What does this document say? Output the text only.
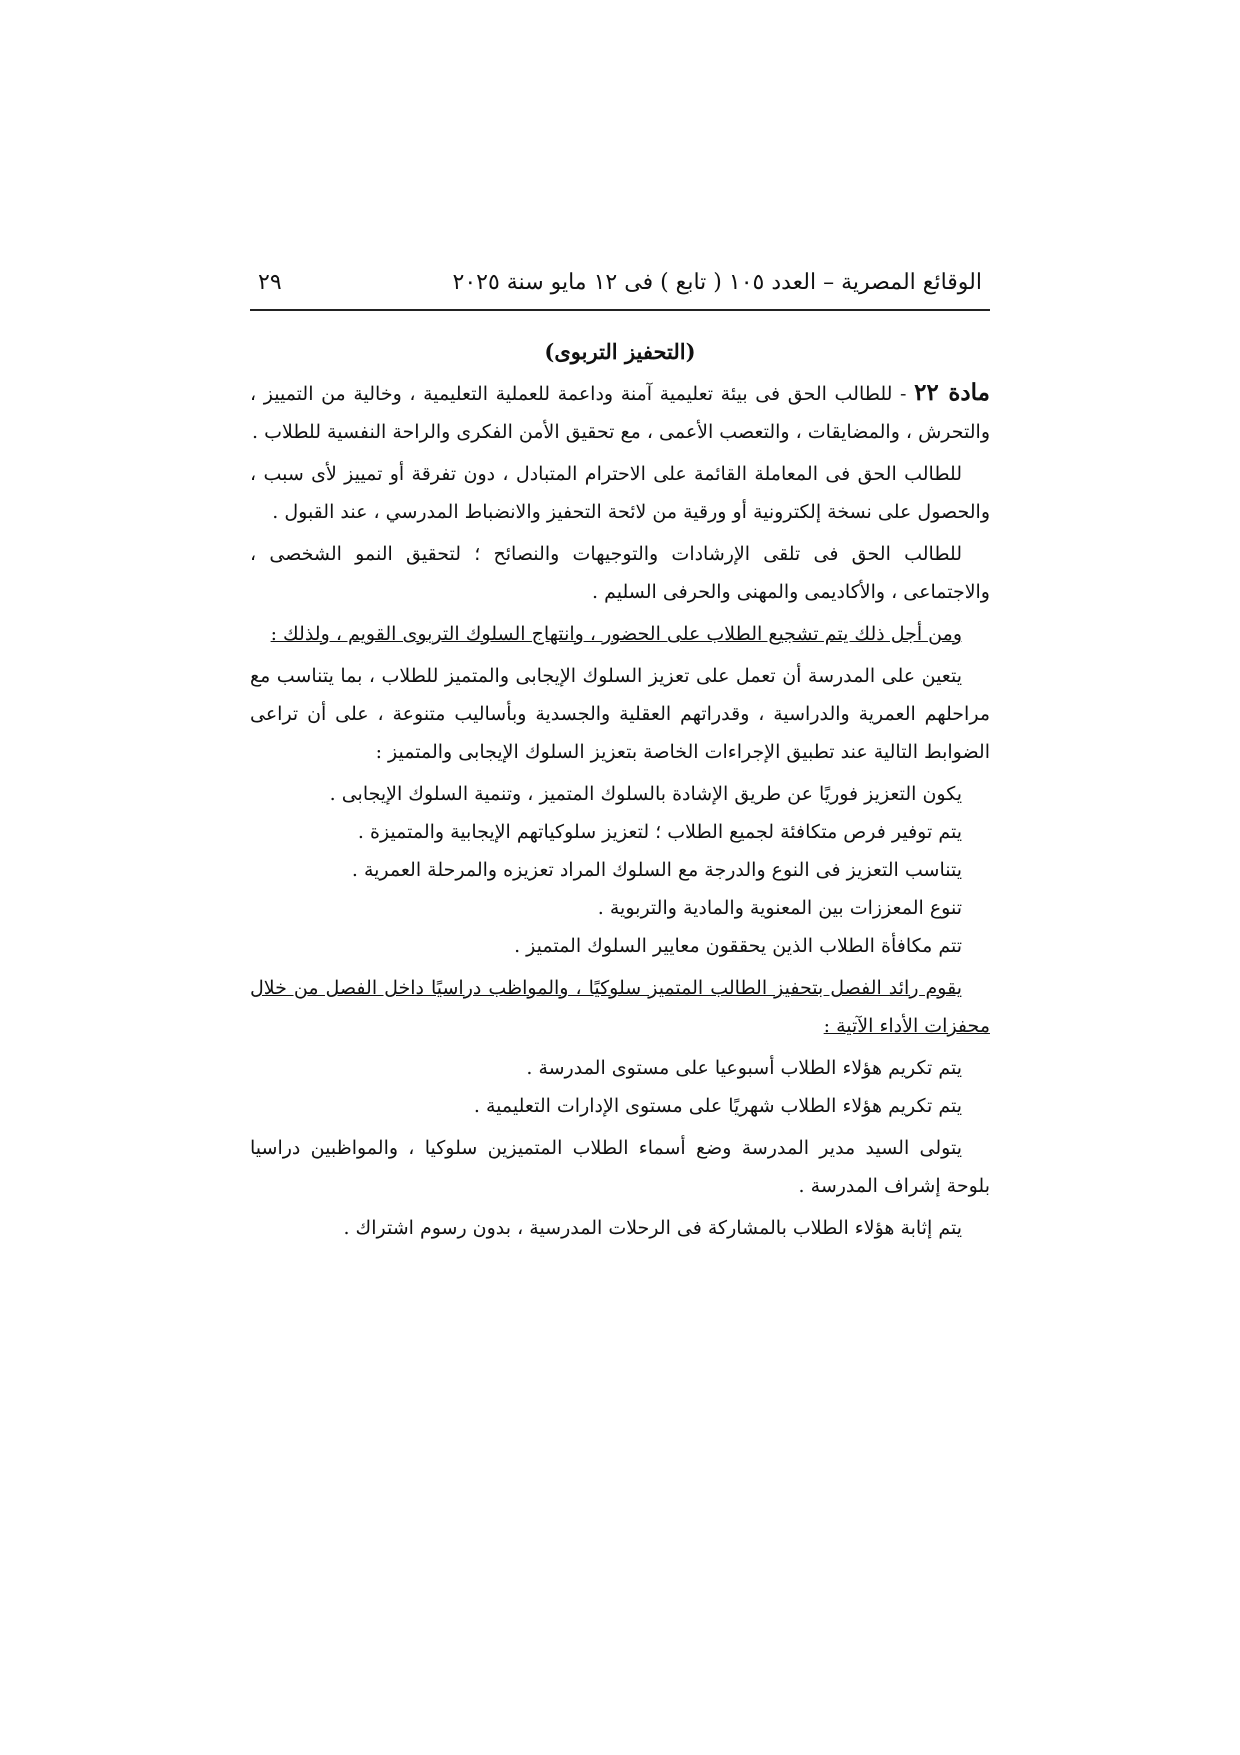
الوقائع المصرية – العدد ١٠٥ ( تابع ) فى ١٢ مايو سنة ٢٠٢٥
٢٩
(التحفيز التربوى)

مادة ٢٢ - للطالب الحق فى بيئة تعليمية آمنة وداعمة للعملية التعليمية ، وخالية من التمييز ، والتحرش ، والمضايقات ، والتعصب الأعمى ، مع تحقيق الأمن الفكرى والراحة النفسية للطلاب .

للطالب الحق فى المعاملة القائمة على الاحترام المتبادل ، دون تفرقة أو تمييز لأى سبب ، والحصول على نسخة إلكترونية أو ورقية من لائحة التحفيز والانضباط المدرسي ، عند القبول .

للطالب الحق فى تلقى الإرشادات والتوجيهات والنصائح ؛ لتحقيق النمو الشخصى ، والاجتماعى ، والأكاديمى والمهنى والحرفى السليم .

ومن أجل ذلك يتم تشجيع الطلاب على الحضور ، وانتهاج السلوك التربوى القويم ، ولذلك :

يتعين على المدرسة أن تعمل على تعزيز السلوك الإيجابى والمتميز للطلاب ، بما يتناسب مع مراحلهم العمرية والدراسية ، وقدراتهم العقلية والجسدية وبأساليب متنوعة ، على أن تراعى الضوابط التالية عند تطبيق الإجراءات الخاصة بتعزيز السلوك الإيجابى والمتميز :

يكون التعزيز فوريًا عن طريق الإشادة بالسلوك المتميز ، وتنمية السلوك الإيجابى .
يتم توفير فرص متكافئة لجميع الطلاب ؛ لتعزيز سلوكياتهم الإيجابية والمتميزة .
يتناسب التعزيز فى النوع والدرجة مع السلوك المراد تعزيزه والمرحلة العمرية .
تنوع المعززات بين المعنوية والمادية والتربوية .
تتم مكافأة الطلاب الذين يحققون معايير السلوك المتميز .

يقوم رائد الفصل بتحفيز الطالب المتميز سلوكيًا ، والمواظب دراسيًا داخل الفصل من خلال محفزات الأداء الآتية :

يتم تكريم هؤلاء الطلاب أسبوعيا على مستوى المدرسة .
يتم تكريم هؤلاء الطلاب شهريًا على مستوى الإدارات التعليمية .

يتولى السيد مدير المدرسة وضع أسماء الطلاب المتميزين سلوكيا ، والمواظبين دراسيا بلوحة إشراف المدرسة .

يتم إثابة هؤلاء الطلاب بالمشاركة فى الرحلات المدرسية ، بدون رسوم اشتراك .
